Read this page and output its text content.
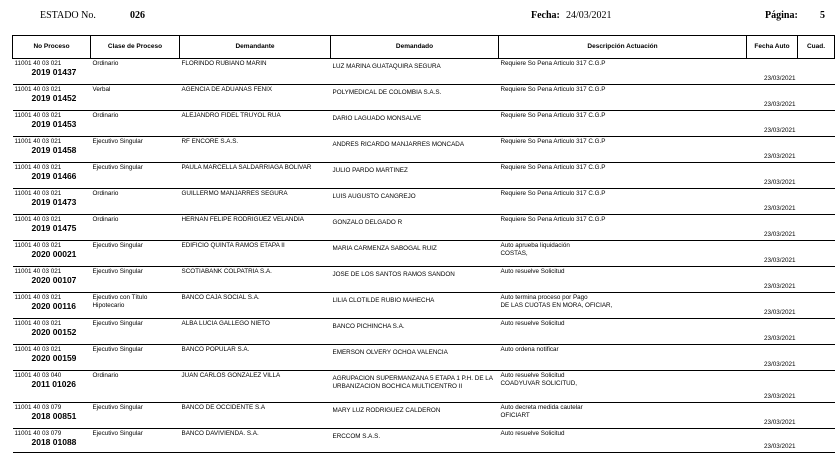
ESTADO No.	026	Fecha: 24/03/2021	Página: 5
No Proceso	Clase de Proceso	Demandante	Demandado	Descripción Actuación	Fecha Auto	Cuad.

11001 40 03 021
2019 01437	Ordinario	FLORINDO RUBIANO MARIN	LUZ MARINA GUATAQUIRA SEGURA	Requiere So Pena Articulo 317 C.G.P	23/03/2021	

11001 40 03 021
2019 01452	Verbal	AGENCIA DE ADUANAS FENIX	POLYMEDICAL DE COLOMBIA S.A.S.	Requiere So Pena Articulo 317 C.G.P	23/03/2021	

11001 40 03 021
2019 01453	Ordinario	ALEJANDRO FIDEL TRUYOL RUA	DARIO LAGUADO MONSALVE	Requiere So Pena Articulo 317 C.G.P	23/03/2021	

11001 40 03 021
2019 01458	Ejecutivo Singular	RF ENCORE S.A.S.	ANDRES RICARDO MANJARRES MONCADA	Requiere So Pena Articulo 317 C.G.P	23/03/2021	

11001 40 03 021
2019 01466	Ejecutivo Singular	PAULA MARCELLA SALDARRIAGA BOLIVAR	JULIO PARDO MARTINEZ	Requiere So Pena Articulo 317 C.G.P	23/03/2021	

11001 40 03 021
2019 01473	Ordinario	GUILLERMO MANJARRES SEGURA	LUIS AUGUSTO CANGREJO	Requiere So Pena Articulo 317 C.G.P	23/03/2021	

11001 40 03 021
2019 01475	Ordinario	HERNAN FELIPE RODRIGUEZ VELANDIA	GONZALO DELGADO R	Requiere So Pena Articulo 317 C.G.P	23/03/2021	

11001 40 03 021
2020 00021	Ejecutivo Singular	EDIFICIO QUINTA RAMOS ETAPA II	MARIA CARMENZA SABOGAL RUIZ	Auto aprueba liquidación
COSTAS,	23/03/2021	

11001 40 03 021
2020 00107	Ejecutivo Singular	SCOTIABANK COLPATRIA S.A.	JOSE DE LOS SANTOS RAMOS SANDON	Auto resuelve Solicitud	23/03/2021	

11001 40 03 021
2020 00116	Ejecutivo con Título Hipotecario	BANCO CAJA SOCIAL S.A.	LILIA CLOTILDE RUBIO MAHECHA	Auto termina proceso por Pago
DE LAS CUOTAS EN MORA, OFICIAR,	23/03/2021	

11001 40 03 021
2020 00152	Ejecutivo Singular	ALBA LUCIA GALLEGO NIETO	BANCO PICHINCHA S.A.	Auto resuelve Solicitud	23/03/2021	

11001 40 03 021
2020 00159	Ejecutivo Singular	BANCO POPULAR S.A.	EMERSON OLVERY OCHOA VALENCIA	Auto ordena notificar	23/03/2021	

11001 40 03 040
2011 01026	Ordinario	JUAN CARLOS GONZALEZ VILLA	AGRUPACION SUPERMANZANA 5 ETAPA 1 P.H. DE LA URBANIZACION BOCHICA MULTICENTRO II	Auto resuelve Solicitud
COADYUVAR SOLICITUD,	23/03/2021	

11001 40 03 079
2018 00851	Ejecutivo Singular	BANCO DE OCCIDENTE S.A	MARY LUZ RODRIGUEZ CALDERON	Auto decreta medida cautelar
OFICIART	23/03/2021	

11001 40 03 079
2018 01088	Ejecutivo Singular	BANCO DAVIVIENDA. S.A.	ERCCOM S.A.S.	Auto resuelve Solicitud	23/03/2021	
